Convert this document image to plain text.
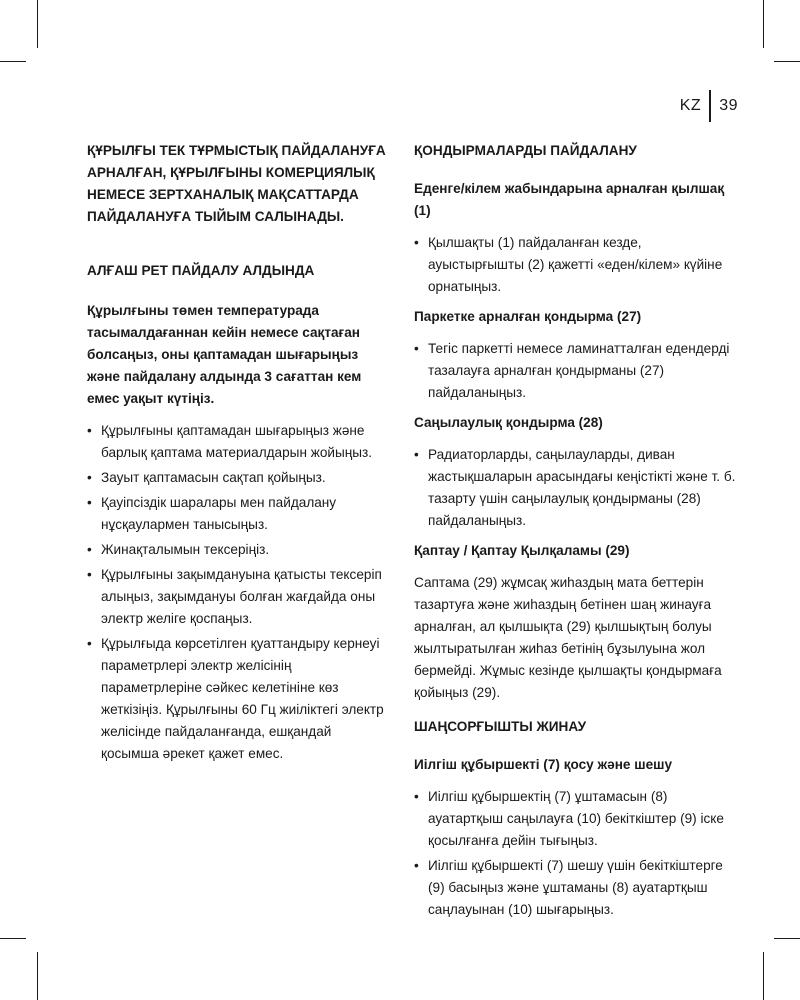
KZ	39

ҚҰРЫЛҒЫ ТЕК ТҰРМЫСТЫҚ ПАЙДАЛАНУҒА АРНАЛҒАН, ҚҰРЫЛҒЫНЫ КОМЕРЦИЯЛЫҚ НЕМЕСЕ ЗЕРТХАНАЛЫҚ МАҚСАТТАРДА ПАЙДАЛАНУҒА ТЫЙЫМ САЛЫНАДЫ.

АЛҒАШ РЕТ ПАЙДАЛУ АЛДЫНДА

Құрылғыны төмен температурада тасымалдағаннан кейін немесе сақтаған болсаңыз, оны қаптамадан шығарыңыз және пайдалану алдында 3 сағаттан кем емес уақыт күтіңіз.

• Құрылғыны қаптамадан шығарыңыз және барлық қаптама материалдарын жойыңыз.
• Зауыт қаптамасын сақтап қойыңыз.
• Қауіпсіздік шаралары мен пайдалану нұсқаулармен танысыңыз.
• Жинақталымын тексеріңіз.
• Құрылғыны зақымдануына қатысты тексеріп алыңыз, зақымдануы болған жағдайда оны электр желіге қоспаңыз.
• Құрылғыда көрсетілген қуаттандыру кернеуі параметрлері электр желісінің параметрлеріне сәйкес келетініне көз жеткізіңіз. Құрылғыны 60 Гц жиіліктегі электр желісінде пайдаланғанда, ешқандай қосымша әрекет қажет емес.

ҚОНДЫРМАЛАРДЫ ПАЙДАЛАНУ

Еденге/кілем жабындарына арналған қылшақ (1)

• Қылшақты (1) пайдаланған кезде, ауыстырғышты (2) қажетті «еден/кілем» күйіне орнатыңыз.

Паркетке арналған қондырма (27)

• Тегіс паркетті немесе ламинатталған едендерді тазалауға арналған қондырманы (27) пайдаланыңыз.

Саңылаулық қондырма (28)

• Радиаторларды, саңылауларды, диван жастықшаларын арасындағы кеңістікті және т. б. тазарту үшін саңылаулық қондырманы (28) пайдаланыңыз.

Қаптау / Қаптау Қылқаламы (29)

Саптама (29) жұмсақ жиһаздың мата беттерін тазартуға және жиһаздың бетінен шаң жинауға арналған, ал қылшықта (29) қылшықтың болуы жылтыратылған жиһаз бетінің бұзылуына жол бермейді. Жұмыс кезінде қылшақты қондырмаға қойыңыз (29).

ШАҢСОРҒЫШТЫ ЖИНАУ

Иілгіш құбыршекті (7) қосу және шешу

• Иілгіш құбыршектің (7) ұштамасын (8) ауатартқыш саңылауға (10) бекіткіштер (9) іске қосылғанға дейін тығыңыз.
• Иілгіш құбыршекті (7) шешу үшін бекіткіштерге (9) басыңыз және ұштаманы (8) ауатартқыш саңлауынан (10) шығарыңыз.
